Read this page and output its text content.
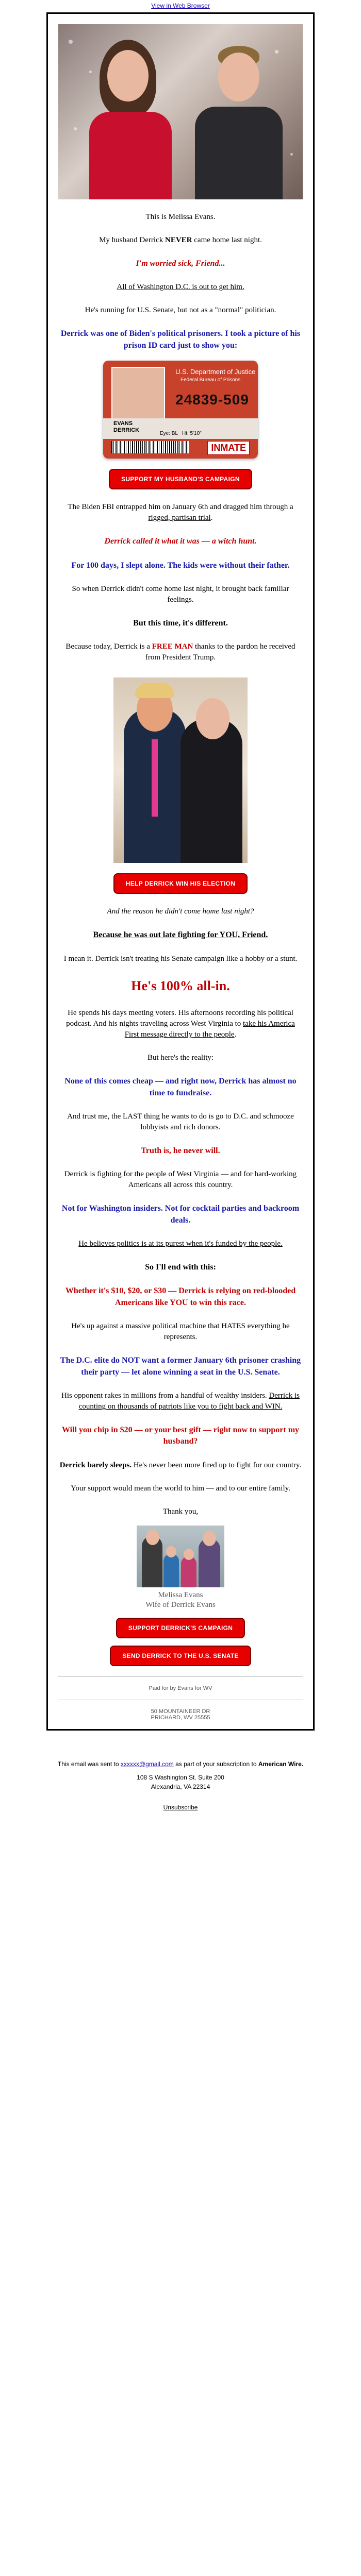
View in Web Browser

This is Melissa Evans.

My husband Derrick NEVER came home last night.

I'm worried sick, Friend...

All of Washington D.C. is out to get him.

He's running for U.S. Senate, but not as a "normal" politician.

Derrick was one of Biden's political prisoners. I took a picture of his prison ID card just to show you:

U.S. Department of Justice
Federal Bureau of Prisons
24839-509
EVANS
DERRICK
Eye: BL Ht: 5'10"
INMATE
SUPPORT MY HUSBAND'S CAMPAIGN

The Biden FBI entrapped him on January 6th and dragged him through a rigged, partisan trial.

Derrick called it what it was — a witch hunt.

For 100 days, I slept alone. The kids were without their father.

So when Derrick didn't come home last night, it brought back familiar feelings.

But this time, it's different.

Because today, Derrick is a FREE MAN thanks to the pardon he received from President Trump.

HELP DERRICK WIN HIS ELECTION

And the reason he didn't come home last night?

Because he was out late fighting for YOU, Friend.

I mean it. Derrick isn't treating his Senate campaign like a hobby or a stunt.

He's 100% all-in.

He spends his days meeting voters. His afternoons recording his political podcast. And his nights traveling across West Virginia to take his America First message directly to the people.

But here's the reality:

None of this comes cheap — and right now, Derrick has almost no time to fundraise.

And trust me, the LAST thing he wants to do is go to D.C. and schmooze lobbyists and rich donors.

Truth is, he never will.

Derrick is fighting for the people of West Virginia — and for hard-working Americans all across this country.

Not for Washington insiders. Not for cocktail parties and backroom deals.

He believes politics is at its purest when it's funded by the people.

So I'll end with this:

Whether it's $10, $20, or $30 — Derrick is relying on red-blooded Americans like YOU to win this race.

He's up against a massive political machine that HATES everything he represents.

The D.C. elite do NOT want a former January 6th prisoner crashing their party — let alone winning a seat in the U.S. Senate.

His opponent rakes in millions from a handful of wealthy insiders. Derrick is counting on thousands of patriots like you to fight back and WIN.

Will you chip in $20 — or your best gift — right now to support my husband?

Derrick barely sleeps. He's never been more fired up to fight for our country.

Your support would mean the world to him — and to our entire family.

Thank you,

Melissa Evans
Wife of Derrick Evans
SUPPORT DERRICK'S CAMPAIGN
SEND DERRICK TO THE U.S. SENATE
Paid for by Evans for WV
50 MOUNTAINEER DR
PRICHARD, WV 25555
This email was sent to xxxxxx@gmail.com as part of your subscription to American Wire.
108 S Washington St. Suite 200
Alexandria, VA 22314
Unsubscribe
